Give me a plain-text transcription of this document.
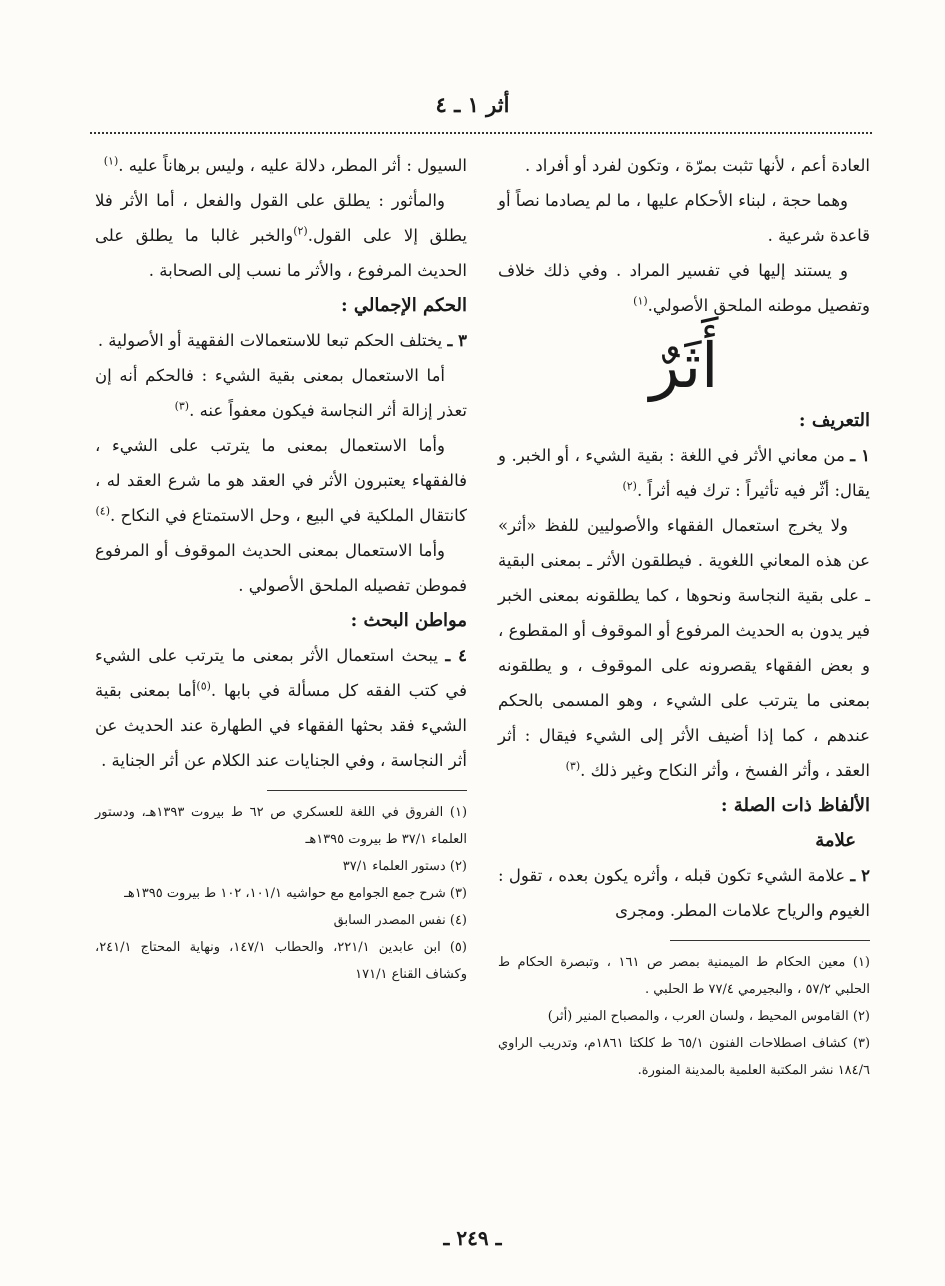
أثر ١ ـ ٤

العادة أعم ، لأنها تثبت بمرّة ، وتكون لفرد أو أفراد .

وهما حجة ، لبناء الأحكام عليها ، ما لم يصادما نصاً أو قاعدة شرعية .

و يستند إليها في تفسير المراد . وفي ذلك خلاف وتفصيل موطنه الملحق الأصولي.$^{(١)}$

أَثَرٌ

التعريف :

١ ـ من معاني الأثر في اللغة : بقية الشيء ، أو الخبر. و يقال: أثّر فيه تأثيراً : ترك فيه أثراً .$^{(٢)}$

ولا يخرج استعمال الفقهاء والأصوليين للفظ «أثر» عن هذه المعاني اللغوية . فيطلقون الأثر ـ بمعنى البقية ـ على بقية النجاسة ونحوها ، كما يطلقونه بمعنى الخبر فير يدون به الحديث المرفوع أو الموقوف أو المقطوع ، و بعض الفقهاء يقصرونه على الموقوف ، و يطلقونه بمعنى ما يترتب على الشيء ، وهو المسمى بالحكم عندهم ، كما إذا أضيف الأثر إلى الشيء فيقال : أثر العقد ، وأثر الفسخ ، وأثر النكاح وغير ذلك .$^{(٣)}$

الألفاظ ذات الصلة :

علامة

٢ ـ علامة الشيء تكون قبله ، وأثره يكون بعده ، تقول : الغيوم والرياح علامات المطر. ومجرى

(١) معين الحكام ط الميمنية بمصر ص ١٦١ ، وتبصرة الحكام ط الحلبي ٥٧/٢ ، والبجيرمي ٧٧/٤ ط الحلبي .

(٢) القاموس المحيط ، ولسان العرب ، والمصباح المنير (أثر)

(٣) كشاف اصطلاحات الفنون ٦٥/١ ط كلكتا ١٨٦١م، وتدريب الراوي ١٨٤/٦ نشر المكتبة العلمية بالمدينة المنورة.

السيول : أثر المطر، دلالة عليه ، وليس برهاناً عليه .$^{(١)}$

والمأثور : يطلق على القول والفعل ، أما الأثر فلا يطلق إلا على القول.$^{(٢)}$والخبر غالبا ما يطلق على الحديث المرفوع ، والأثر ما نسب إلى الصحابة .

الحكم الإجمالي :

٣ ـ يختلف الحكم تبعا للاستعمالات الفقهية أو الأصولية .

أما الاستعمال بمعنى بقية الشيء : فالحكم أنه إن تعذر إزالة أثر النجاسة فيكون معفواً عنه .$^{(٣)}$

وأما الاستعمال بمعنى ما يترتب على الشيء ، فالفقهاء يعتبرون الأثر في العقد هو ما شرع العقد له ، كانتقال الملكية في البيع ، وحل الاستمتاع في النكاح .$^{(٤)}$

وأما الاستعمال بمعنى الحديث الموقوف أو المرفوع فموطن تفصيله الملحق الأصولي .

مواطن البحث :

٤ ـ يبحث استعمال الأثر بمعنى ما يترتب على الشيء في كتب الفقه كل مسألة في بابها .$^{(٥)}$أما بمعنى بقية الشيء فقد بحثها الفقهاء في الطهارة عند الحديث عن أثر النجاسة ، وفي الجنايات عند الكلام عن أثر الجناية .

(١) الفروق في اللغة للعسكري ص ٦٢ ط بيروت ١٣٩٣هـ، ودستور العلماء ٣٧/١ ط بيروت ١٣٩٥هـ

(٢) دستور العلماء ٣٧/١

(٣) شرح جمع الجوامع مع حواشيه ١٠١/١، ١٠٢ ط بيروت ١٣٩٥هـ

(٤) نفس المصدر السابق

(٥) ابن عابدين ٢٢١/١، والحطاب ١٤٧/١، ونهاية المحتاج ٢٤١/١، وكشاف القناع ١٧١/١

ـ ٢٤٩ ـ
